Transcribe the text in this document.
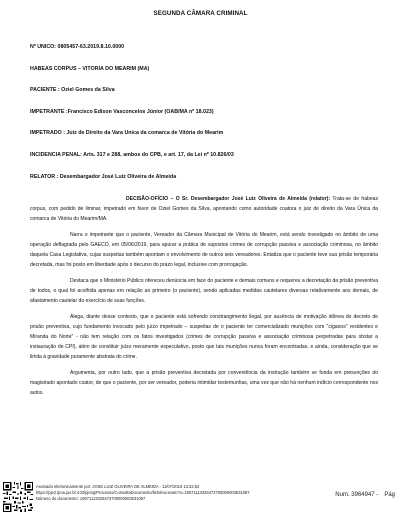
SEGUNDA CÂMARA CRIMINAL
Nº ÚNICO: 0805457-63.2019.8.10.0000
HABEAS CORPUS – VITÓRIA DO MEARIM (MA)
PACIENTE : Oziel Gomes da Silva
IMPETRANTE :Francisco Edison Vasconcelos Júnior (OAB/MA nº 18.023)
IMPETRADO : Juiz de Direito da Vara Única da comarca de Vitória do Mearim
INCIDÊNCIA PENAL: Arts. 317 e 288, ambos do CPB, e art. 17, da Lei nº 10.826/03
RELATOR : Desembargador José Luiz Oliveira de Almeida

DECISÃO-OFÍCIO – O Sr. Desembargador José Luiz Oliveira de Almeida (relator): Trata-se de habeas corpus, com pedido de liminar, impetrado em favor de Oziel Gomes da Silva, apontando como autoridade coatora o juiz de direito da Vara Única da comarca de Vitória do Mearim/MA.

Narra o impetrante que o paciente, Vereador da Câmara Municipal de Vitória do Mearim, está sendo investigado no âmbito de uma operação deflagrada pelo GAECO, em 05/06/2019, para apurar a prática de supostos crimes de corrupção passiva e associação criminosa, no âmbito daquela Casa Legislativa, cujas suspeitas também apontam o envolvimento de outros seis vereadores. Entatiza que o paciente teve sua prisão temporária decretada, mas foi posto em liberdade após o decurso do prazo legal, inclusive com prorrogação.

Destaca que o Ministério Público ofereceu denúncia em face do paciente e demais comuns e requereu a decretação da prisão preventiva de todos, o qual foi acolhida apenas em relação ao primeiro (o paciente), sendo aplicadas medidas cautelares diversas relativamente aos demais, de afastamento cautelar do exercício de suas funções.

Alega, diante desse contexto, que o paciente está sofrendo constrangimento ilegal, por ausência de motivação idônea do decreto de prisão preventiva, cujo fundamento invocado pelo juízo impetrado – suspeitas de o paciente ter comercializado munições com "ciganos" residentes e Miranda do Norte" - não tem relação com os fatos investigados (crimes de corrupção passiva e associação criminosa perpetradas para obstar a instauração de CPI), além de constituir juízo meramente especulativo, posto que tais munições nunca foram encontradas, e ainda, consideração que se limita à gravidade puramente abstrata do crime.

Argumenta, por outro lado, que a prisão preventiva decretada por conveniência da instrução também se funda em presunções do magistrado apontado coator, de que o paciente, por ser vereador, poderia intimidar testemunhas, uma vez que não há nenhum indício correspondente nos autos.

Assinado eletronicamente por: JOSE LUIZ OLIVEIRA DE ALMEIDA - 11/07/2019 13:32:54
https://pje2.tjma.jus.br:443/pje2g/Processo/ConsultaDocumento/listView.seam?x=19071113325473700000003531097
Número do documento: 19071113325473700000003531097
Num. 3964947 - Pág
